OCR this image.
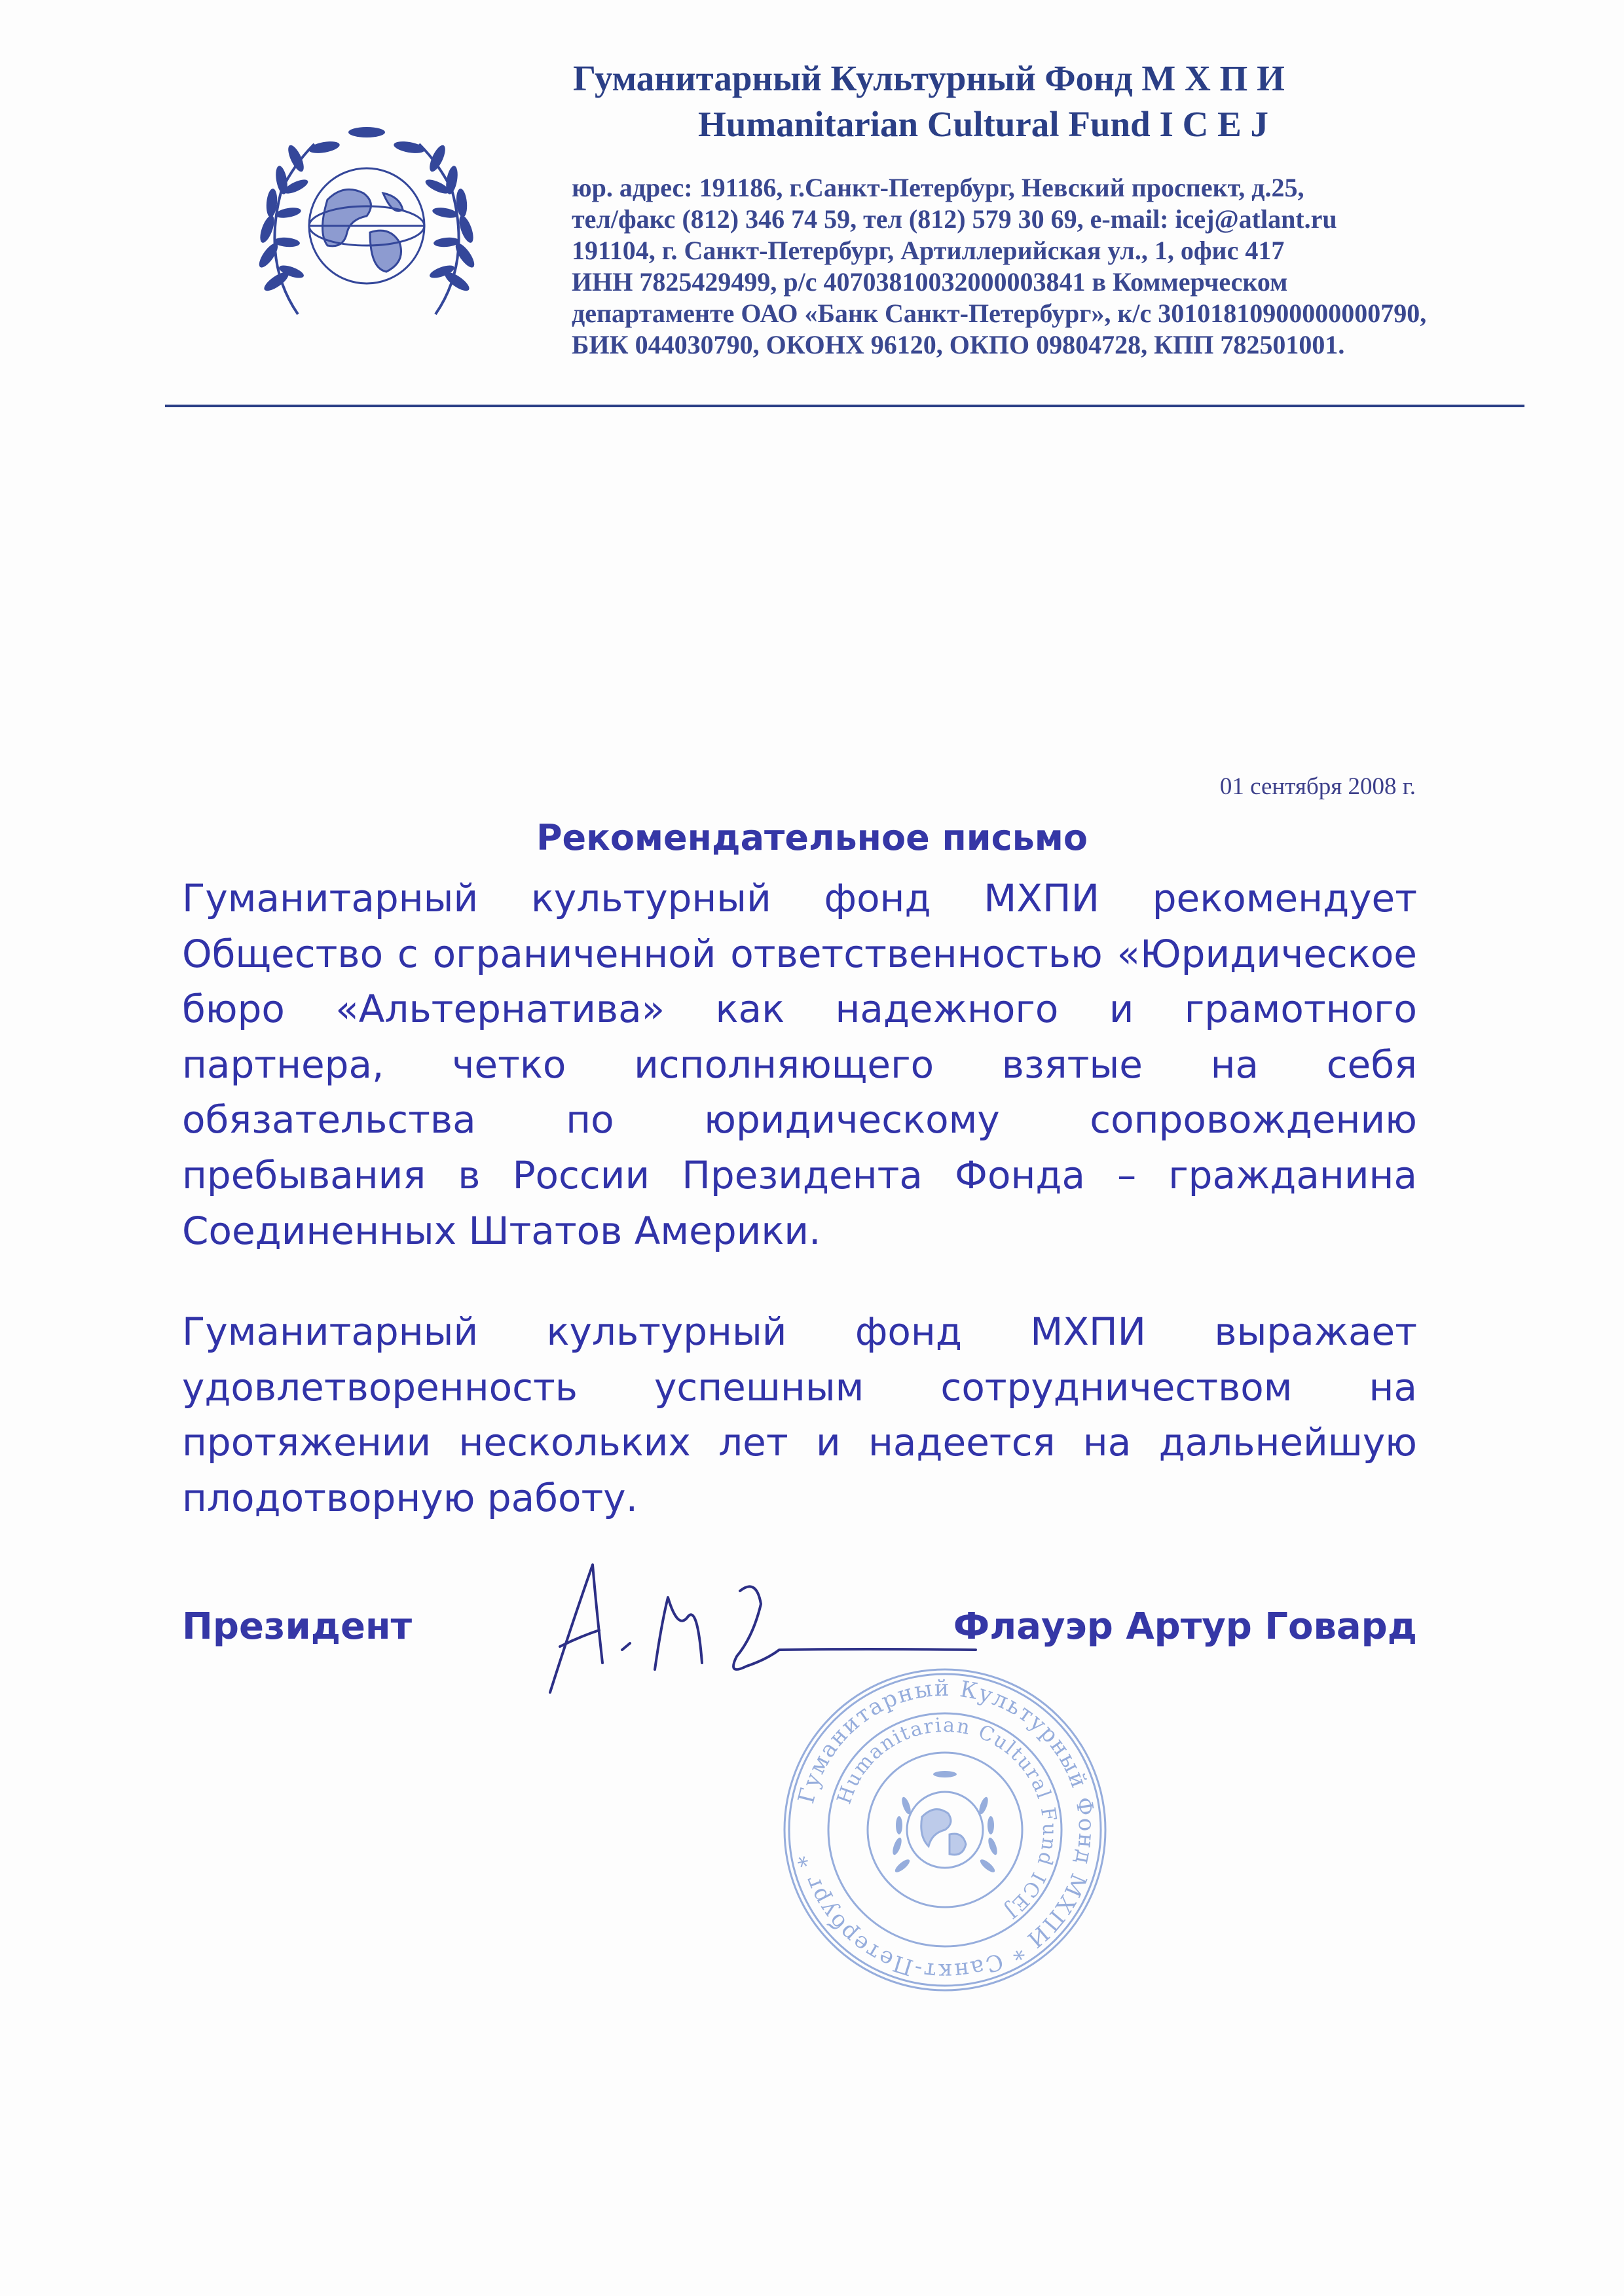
Гуманитарный Культурный Фонд М Х П И
Humanitarian Cultural Fund I C E J
юр. адрес: 191186, г.Санкт-Петербург, Невский проспект, д.25,
тел/факс (812) 346 74 59, тел (812) 579 30 69, e-mail: icej@atlant.ru
191104, г. Санкт-Петербург, Артиллерийская ул., 1, офис 417
ИНН 7825429499, р/с 40703810032000003841 в Коммерческом
департаменте ОАО «Банк Санкт-Петербург», к/с 30101810900000000790,
БИК 044030790, ОКОНХ 96120, ОКПО 09804728, КПП 782501001.
01 сентября 2008 г.
Рекомендательное письмо

Гуманитарный культурный фонд МХПИ рекомендует Общество с ограниченной ответственностью «Юридическое бюро «Альтернатива» как надежного и грамотного партнера, четко исполняющего взятые на себя обязательства по юридическому сопровождению пребывания в России Президента Фонда – гражданина Соединенных Штатов Америки.

Гуманитарный культурный фонд МХПИ выражает удовлетворенность успешным сотрудничеством на протяжении нескольких лет и надеется на дальнейшую плодотворную работу.

Президент	Флауэр Артур Говард
Гуманитарный Культурный Фонд МХПИ * Санкт-Петербург *
Humanitarian Cultural Fund ICEJ
